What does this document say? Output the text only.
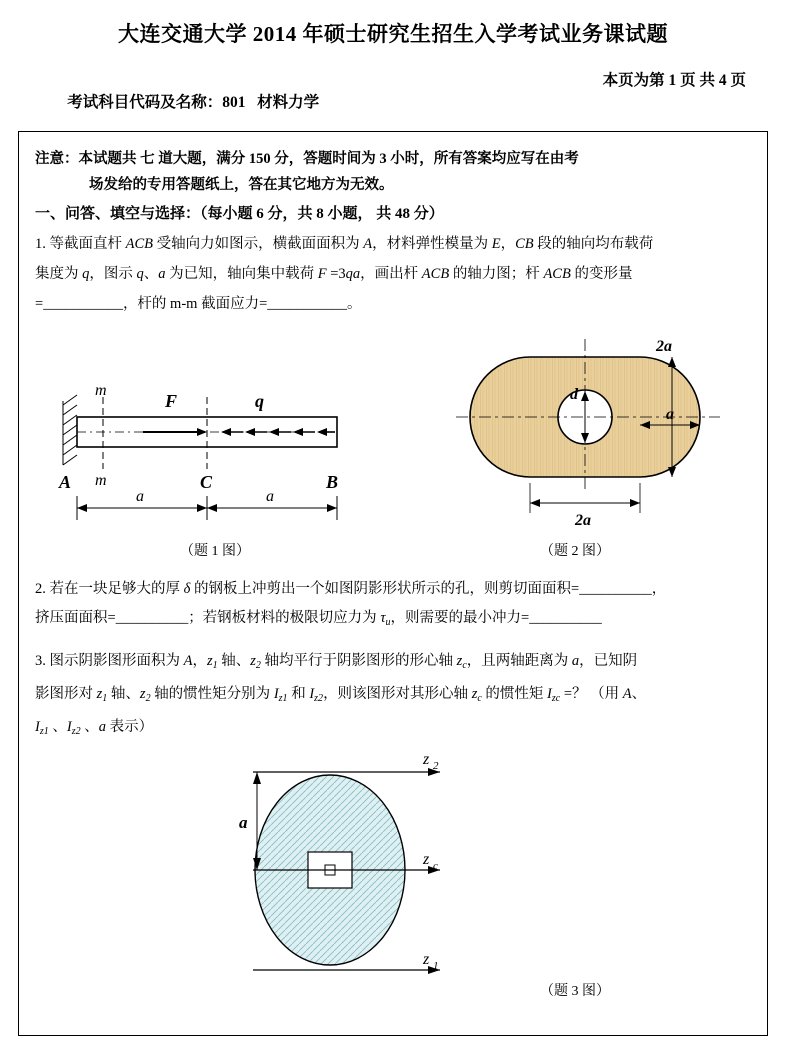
大连交通大学 2014 年硕士研究生招生入学考试业务课试题

考试科目代码及名称：801 材料力学

本页为第 1 页 共 4 页
注意：本试题共 七 道大题，满分 150 分，答题时间为 3 小时，所有答案均应写在由考
场发给的专用答题纸上，答在其它地方为无效。
一、问答、填空与选择：（每小题 6 分，共 8 小题， 共 48 分）
1. 等截面直杆 ACB 受轴向力如图示，横截面面积为 A，材料弹性模量为 E，CB 段的轴向均布载荷
集度为 q，图示 q、a 为已知，轴向集中载荷 F =3qa，画出杆 ACB 的轴力图；杆 ACB 的变形量
=___________，杆的 m-m 截面应力=___________。
m
m
F	q
A	C	B
a	a
（题 1 图）
d
2a
a
2a
（题 2 图）
2. 若在一块足够大的厚 δ 的钢板上冲剪出一个如图阴影形状所示的孔，则剪切面面积=__________，
挤压面面积=__________；若钢板材料的极限切应力为 $\tau_u$，则需要的最小冲力=__________
3. 图示阴影图形面积为 A，$z_1$ 轴、$z_2$ 轴均平行于阴影图形的形心轴 $z_c$，且两轴距离为 a，已知阴
影图形对 $z_1$ 轴、$z_2$ 轴的惯性矩分别为 $I_{z1}$ 和 $I_{z2}$，则该图形对其形心轴 $z_c$ 的惯性矩 $I_{zc}$ =？ （用 A、
$I_{z1}$ 、$I_{z2}$ 、a 表示）
z 2
z c
z 1
a
（题 3 图）
